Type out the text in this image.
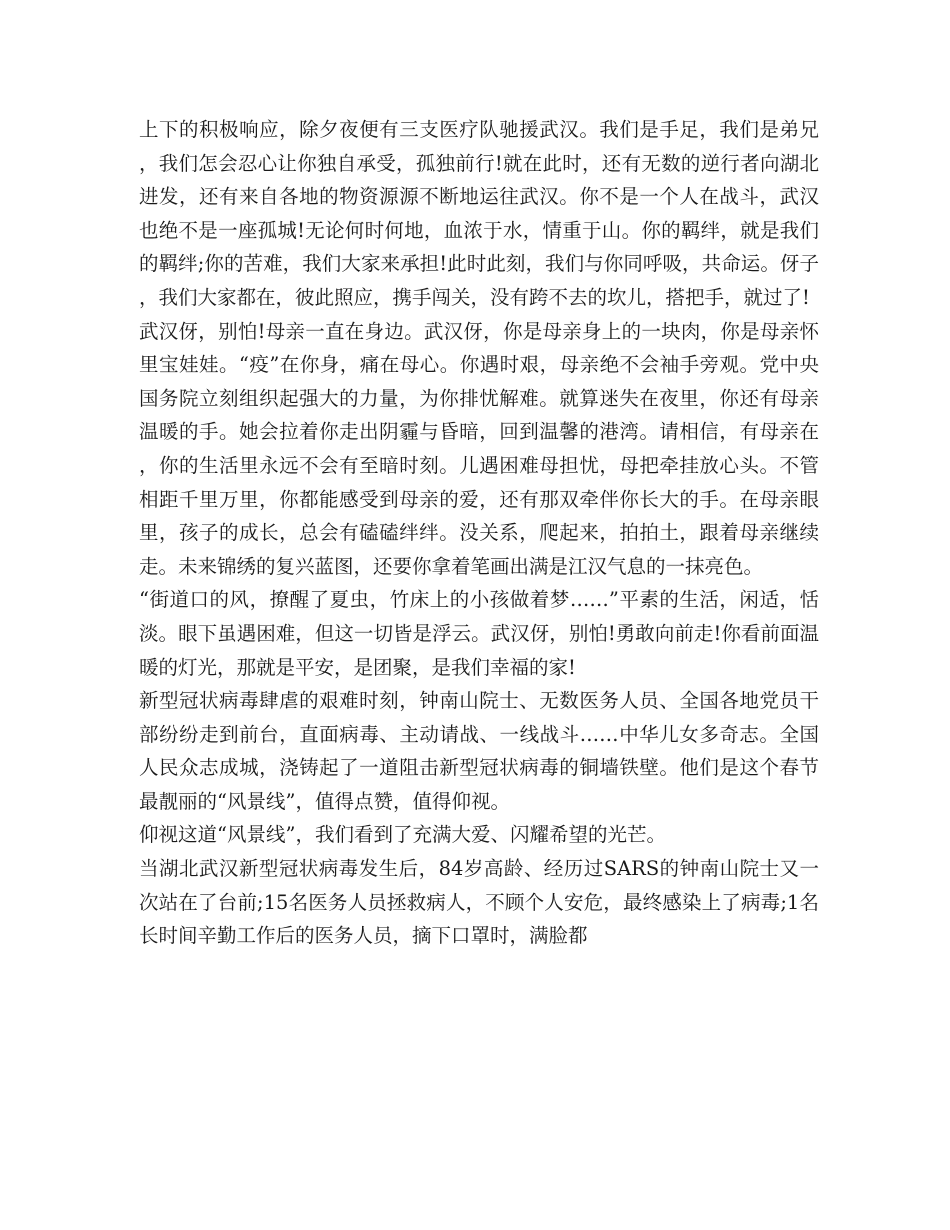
上下的积极响应，除夕夜便有三支医疗队驰援武汉。我们是手足，我们是弟兄，我们怎会忍心让你独自承受，孤独前行!就在此时，还有无数的逆行者向湖北进发，还有来自各地的物资源源不断地运往武汉。你不是一个人在战斗，武汉也绝不是一座孤城!无论何时何地，血浓于水，情重于山。你的羁绊，就是我们的羁绊;你的苦难，我们大家来承担!此时此刻，我们与你同呼吸，共命运。伢子，我们大家都在，彼此照应，携手闯关，没有跨不去的坎儿，搭把手，就过了!

武汉伢，别怕!母亲一直在身边。武汉伢，你是母亲身上的一块肉，你是母亲怀里宝娃娃。“疫”在你身，痛在母心。你遇时艰，母亲绝不会袖手旁观。党中央国务院立刻组织起强大的力量，为你排忧解难。就算迷失在夜里，你还有母亲温暖的手。她会拉着你走出阴霾与昏暗，回到温馨的港湾。请相信，有母亲在，你的生活里永远不会有至暗时刻。儿遇困难母担忧，母把牵挂放心头。不管相距千里万里，你都能感受到母亲的爱，还有那双牵伴你长大的手。在母亲眼里，孩子的成长，总会有磕磕绊绊。没关系，爬起来，拍拍土，跟着母亲继续走。未来锦绣的复兴蓝图，还要你拿着笔画出满是江汉气息的一抹亮色。

“街道口的风，撩醒了夏虫，竹床上的小孩做着梦……”平素的生活，闲适，恬淡。眼下虽遇困难，但这一切皆是浮云。武汉伢，别怕!勇敢向前走!你看前面温暖的灯光，那就是平安，是团聚，是我们幸福的家!

新型冠状病毒肆虐的艰难时刻，钟南山院士、无数医务人员、全国各地党员干部纷纷走到前台，直面病毒、主动请战、一线战斗……中华儿女多奇志。全国人民众志成城，浇铸起了一道阻击新型冠状病毒的铜墙铁壁。他们是这个春节最靓丽的“风景线”，值得点赞，值得仰视。

仰视这道“风景线”，我们看到了充满大爱、闪耀希望的光芒。

当湖北武汉新型冠状病毒发生后，84岁高龄、经历过SARS的钟南山院士又一次站在了台前;15名医务人员拯救病人，不顾个人安危，最终感染上了病毒;1名长时间辛勤工作后的医务人员，摘下口罩时，满脸都
